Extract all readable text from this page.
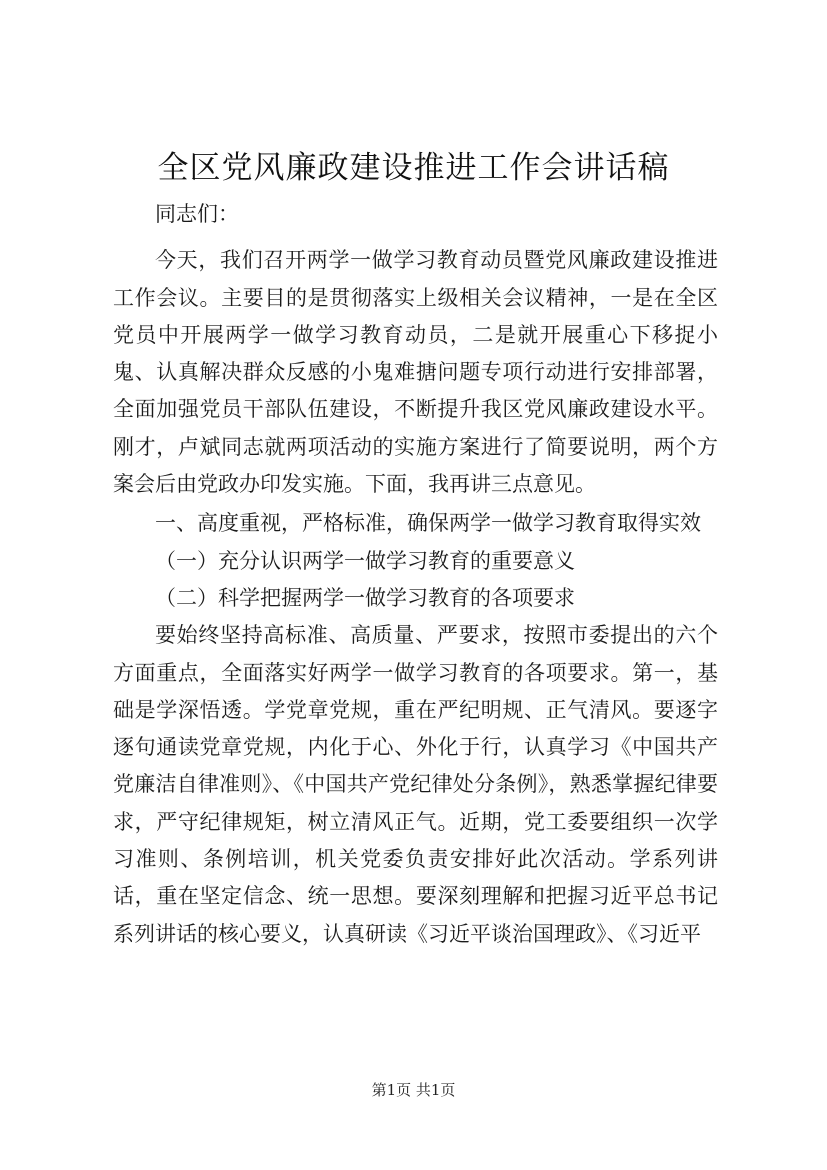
全区党风廉政建设推进工作会讲话稿

同志们：

今天，我们召开两学一做学习教育动员暨党风廉政建设推进工作会议。主要目的是贯彻落实上级相关会议精神，一是在全区党员中开展两学一做学习教育动员，二是就开展重心下移捉小鬼、认真解决群众反感的小鬼难搪问题专项行动进行安排部署，全面加强党员干部队伍建设，不断提升我区党风廉政建设水平。刚才，卢斌同志就两项活动的实施方案进行了简要说明，两个方案会后由党政办印发实施。下面，我再讲三点意见。

一、高度重视，严格标准，确保两学一做学习教育取得实效

（一）充分认识两学一做学习教育的重要意义

（二）科学把握两学一做学习教育的各项要求

要始终坚持高标准、高质量、严要求，按照市委提出的六个方面重点，全面落实好两学一做学习教育的各项要求。第一，基础是学深悟透。学党章党规，重在严纪明规、正气清风。要逐字逐句通读党章党规，内化于心、外化于行，认真学习《中国共产党廉洁自律准则》、《中国共产党纪律处分条例》，熟悉掌握纪律要求，严守纪律规矩，树立清风正气。近期，党工委要组织一次学习准则、条例培训，机关党委负责安排好此次活动。学系列讲话，重在坚定信念、统一思想。要深刻理解和把握习近平总书记系列讲话的核心要义，认真研读《习近平谈治国理政》、《习近平

第1页 共1页
